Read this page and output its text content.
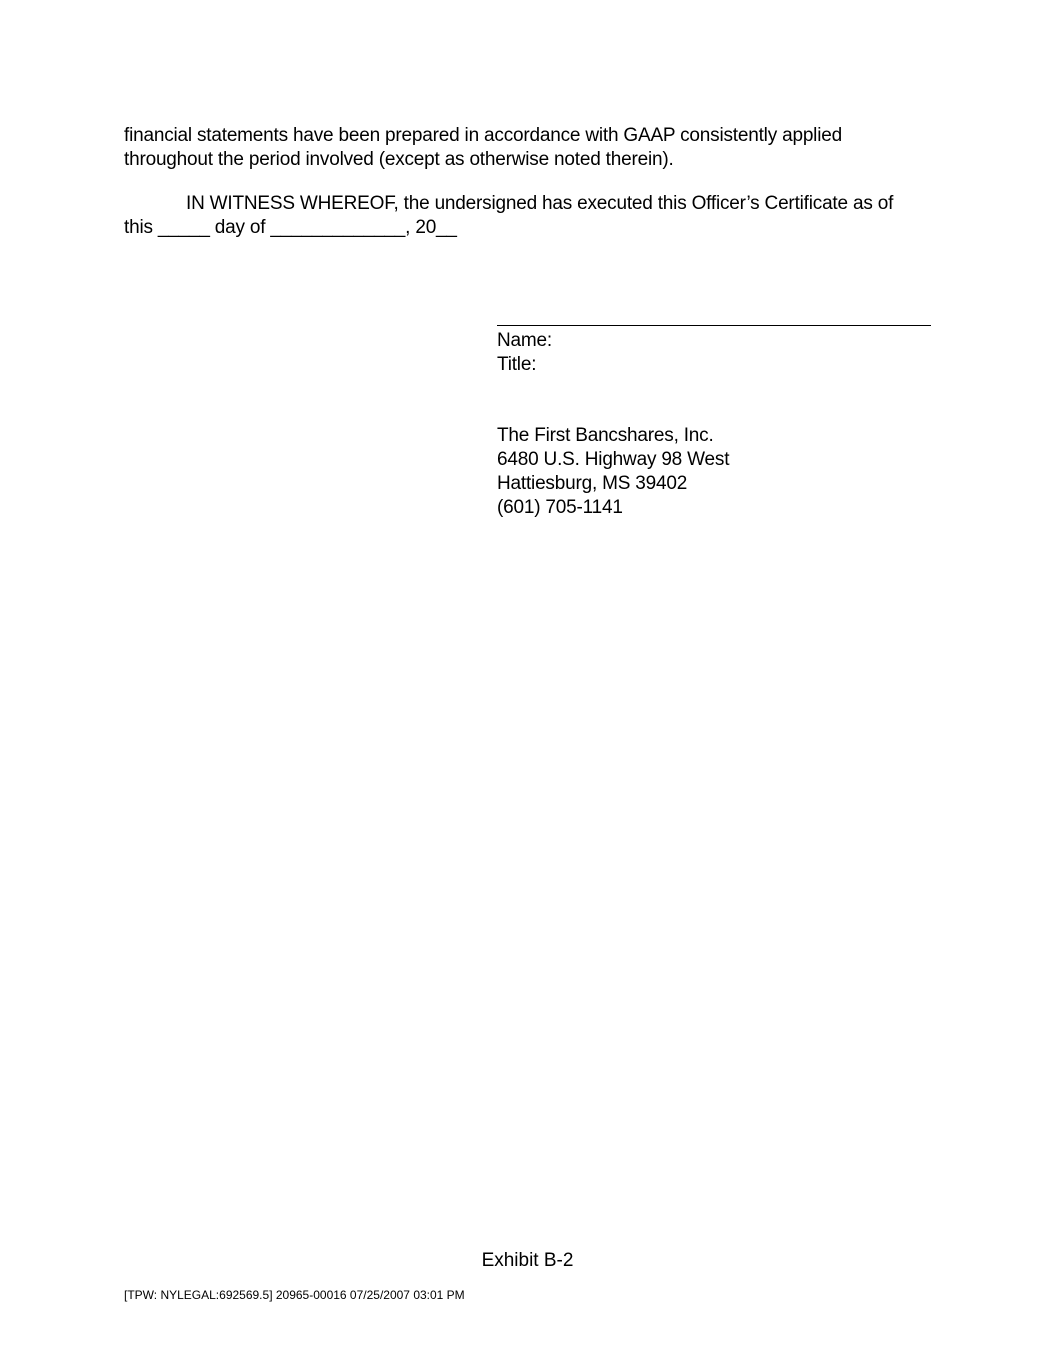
financial statements have been prepared in accordance with GAAP consistently applied throughout the period involved (except as otherwise noted therein).

IN WITNESS WHEREOF, the undersigned has executed this Officer’s Certificate as of this _____ day of _____________, 20__

Name:
Title:
The First Bancshares, Inc.
6480 U.S. Highway 98 West
Hattiesburg, MS 39402
(601) 705-1141
Exhibit B-2
[TPW: NYLEGAL:692569.5] 20965-00016 07/25/2007 03:01 PM
